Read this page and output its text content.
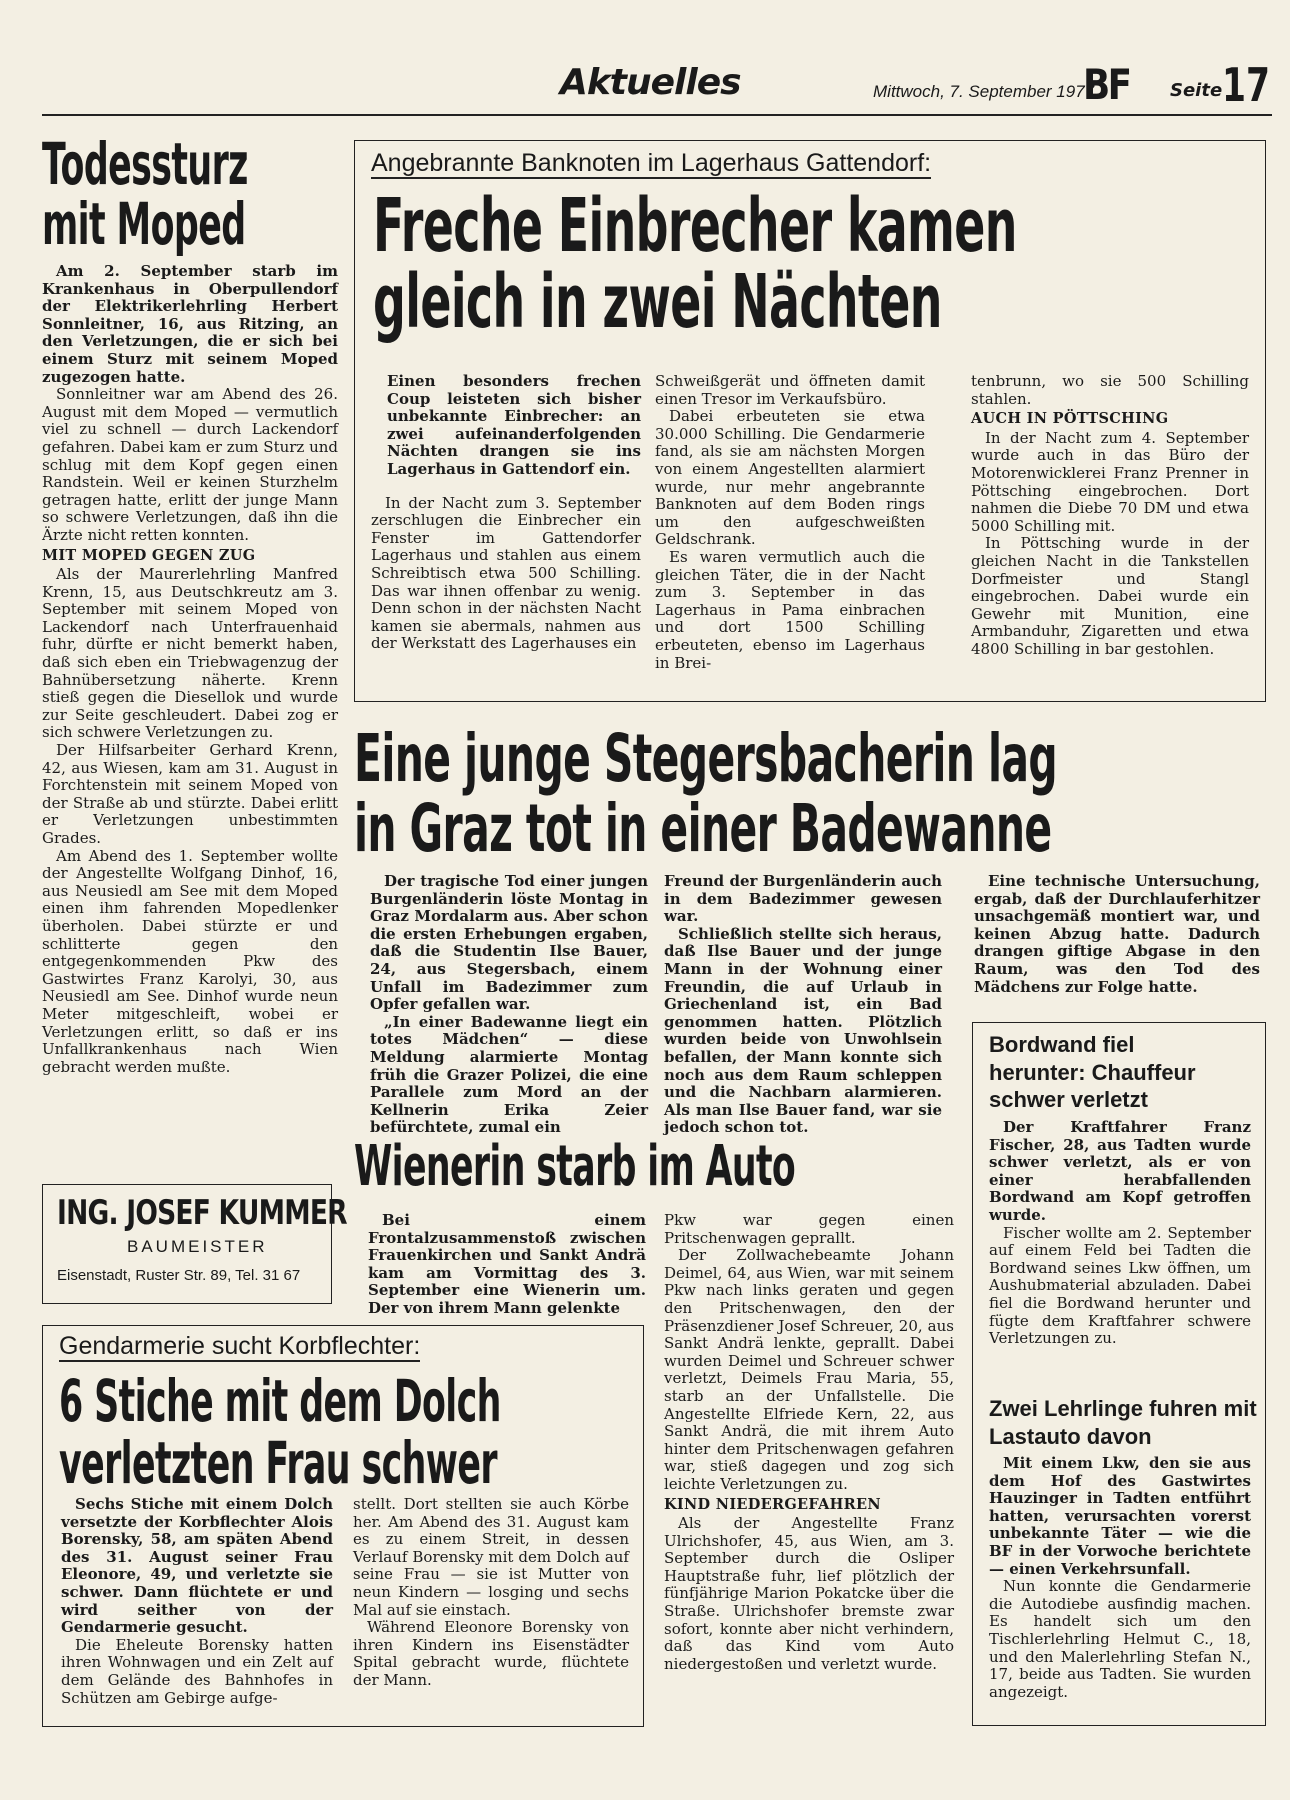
Aktuelles	Mittwoch, 7. September 1977
BF Seite 17
Todessturz
mit Moped

Am 2. September starb im Krankenhaus in Oberpullendorf der Elektrikerlehrling Herbert Sonnleitner, 16, aus Ritzing, an den Verletzungen, die er sich bei einem Sturz mit seinem Moped zugezogen hatte.

Sonnleitner war am Abend des 26. August mit dem Moped — vermutlich viel zu schnell — durch Lackendorf gefahren. Dabei kam er zum Sturz und schlug mit dem Kopf gegen einen Randstein. Weil er keinen Sturzhelm getragen hatte, erlitt der junge Mann so schwere Verletzungen, daß ihn die Ärzte nicht retten konnten.

MIT MOPED GEGEN ZUG

Als der Maurerlehrling Manfred Krenn, 15, aus Deutschkreutz am 3. September mit seinem Moped von Lackendorf nach Unterfrauenhaid fuhr, dürfte er nicht bemerkt haben, daß sich eben ein Triebwagenzug der Bahnübersetzung näherte. Krenn stieß gegen die Diesellok und wurde zur Seite geschleudert. Dabei zog er sich schwere Verletzungen zu.

Der Hilfsarbeiter Gerhard Krenn, 42, aus Wiesen, kam am 31. August in Forchtenstein mit seinem Moped von der Straße ab und stürzte. Dabei erlitt er Verletzungen unbestimmten Grades.

Am Abend des 1. September wollte der Angestellte Wolfgang Dinhof, 16, aus Neusiedl am See mit dem Moped einen ihm fahrenden Mopedlenker überholen. Dabei stürzte er und schlitterte gegen den entgegenkommenden Pkw des Gastwirtes Franz Karolyi, 30, aus Neusiedl am See. Dinhof wurde neun Meter mitgeschleift, wobei er Verletzungen erlitt, so daß er ins Unfallkrankenhaus nach Wien gebracht werden mußte.

ING. JOSEF KUMMER
BAUMEISTER
Eisenstadt, Ruster Str. 89, Tel. 31 67
Angebrannte Banknoten im Lagerhaus Gattendorf:
Freche Einbrecher kamen
gleich in zwei Nächten

Einen besonders frechen Coup leisteten sich bisher unbekannte Einbrecher: an zwei aufeinanderfolgenden Nächten drangen sie ins Lagerhaus in Gattendorf ein.

In der Nacht zum 3. September zerschlugen die Einbrecher ein Fenster im Gattendorfer Lagerhaus und stahlen aus einem Schreibtisch etwa 500 Schilling. Das war ihnen offenbar zu wenig. Denn schon in der nächsten Nacht kamen sie abermals, nahmen aus der Werkstatt des Lagerhauses ein

Schweißgerät und öffneten damit einen Tresor im Verkaufsbüro.

Dabei erbeuteten sie etwa 30.000 Schilling. Die Gendarmerie fand, als sie am nächsten Morgen von einem Angestellten alarmiert wurde, nur mehr angebrannte Banknoten auf dem Boden rings um den aufgeschweißten Geldschrank.

Es waren vermutlich auch die gleichen Täter, die in der Nacht zum 3. September in das Lagerhaus in Pama einbrachen und dort 1500 Schilling erbeuteten, ebenso im Lagerhaus in Brei-

tenbrunn, wo sie 500 Schilling stahlen.

AUCH IN PÖTTSCHING

In der Nacht zum 4. September wurde auch in das Büro der Motorenwicklerei Franz Prenner in Pöttsching eingebrochen. Dort nahmen die Diebe 70 DM und etwa 5000 Schilling mit.

In Pöttsching wurde in der gleichen Nacht in die Tankstellen Dorfmeister und Stangl eingebrochen. Dabei wurde ein Gewehr mit Munition, eine Armbanduhr, Zigaretten und etwa 4800 Schilling in bar gestohlen.

Eine junge Stegersbacherin lag
in Graz tot in einer Badewanne

Der tragische Tod einer jungen Burgenländerin löste Montag in Graz Mordalarm aus. Aber schon die ersten Erhebungen ergaben, daß die Studentin Ilse Bauer, 24, aus Stegersbach, einem Unfall im Badezimmer zum Opfer gefallen war.

„In einer Badewanne liegt ein totes Mädchen“ — diese Meldung alarmierte Montag früh die Grazer Polizei, die eine Parallele zum Mord an der Kellnerin Erika Zeier befürchtete, zumal ein

Freund der Burgenländerin auch in dem Badezimmer gewesen war.

Schließlich stellte sich heraus, daß Ilse Bauer und der junge Mann in der Wohnung einer Freundin, die auf Urlaub in Griechenland ist, ein Bad genommen hatten. Plötzlich wurden beide von Unwohlsein befallen, der Mann konnte sich noch aus dem Raum schleppen und die Nachbarn alarmieren. Als man Ilse Bauer fand, war sie jedoch schon tot.

Eine technische Untersuchung, ergab, daß der Durchlauferhitzer unsachgemäß montiert war, und keinen Abzug hatte. Dadurch drangen giftige Abgase in den Raum, was den Tod des Mädchens zur Folge hatte.

Bordwand fiel herunter: Chauffeur schwer verletzt

Der Kraftfahrer Franz Fischer, 28, aus Tadten wurde schwer verletzt, als er von einer herabfallenden Bordwand am Kopf getroffen wurde.

Fischer wollte am 2. September auf einem Feld bei Tadten die Bordwand seines Lkw öffnen, um Aushubmaterial abzuladen. Dabei fiel die Bordwand herunter und fügte dem Kraftfahrer schwere Verletzungen zu.

Zwei Lehrlinge fuhren mit Lastauto davon

Mit einem Lkw, den sie aus dem Hof des Gastwirtes Hauzinger in Tadten entführt hatten, verursachten vorerst unbekannte Täter — wie die BF in der Vorwoche berichtete — einen Verkehrsunfall.

Nun konnte die Gendarmerie die Autodiebe ausfindig machen. Es handelt sich um den Tischlerlehrling Helmut C., 18, und den Malerlehrling Stefan N., 17, beide aus Tadten. Sie wurden angezeigt.

Wienerin starb im Auto

Bei einem Frontalzusammenstoß zwischen Frauenkirchen und Sankt Andrä kam am Vormittag des 3. September eine Wienerin um. Der von ihrem Mann gelenkte

Pkw war gegen einen Pritschenwagen geprallt.

Der Zollwachebeamte Johann Deimel, 64, aus Wien, war mit seinem Pkw nach links geraten und gegen den Pritschenwagen, den der Präsenzdiener Josef Schreuer, 20, aus Sankt Andrä lenkte, geprallt. Dabei wurden Deimel und Schreuer schwer verletzt, Deimels Frau Maria, 55, starb an der Unfallstelle. Die Angestellte Elfriede Kern, 22, aus Sankt Andrä, die mit ihrem Auto hinter dem Pritschenwagen gefahren war, stieß dagegen und zog sich leichte Verletzungen zu.

KIND NIEDERGEFAHREN

Als der Angestellte Franz Ulrichshofer, 45, aus Wien, am 3. September durch die Osliper Hauptstraße fuhr, lief plötzlich der fünfjährige Marion Pokatcke über die Straße. Ulrichshofer bremste zwar sofort, konnte aber nicht verhindern, daß das Kind vom Auto niedergestoßen und verletzt wurde.

Gendarmerie sucht Korbflechter:
6 Stiche mit dem Dolch
verletzten Frau schwer

Sechs Stiche mit einem Dolch versetzte der Korbflechter Alois Borensky, 58, am späten Abend des 31. August seiner Frau Eleonore, 49, und verletzte sie schwer. Dann flüchtete er und wird seither von der Gendarmerie gesucht.

Die Eheleute Borensky hatten ihren Wohnwagen und ein Zelt auf dem Gelände des Bahnhofes in Schützen am Gebirge aufge-

stellt. Dort stellten sie auch Körbe her. Am Abend des 31. August kam es zu einem Streit, in dessen Verlauf Borensky mit dem Dolch auf seine Frau — sie ist Mutter von neun Kindern — losging und sechs Mal auf sie einstach.

Während Eleonore Borensky von ihren Kindern ins Eisenstädter Spital gebracht wurde, flüchtete der Mann.
